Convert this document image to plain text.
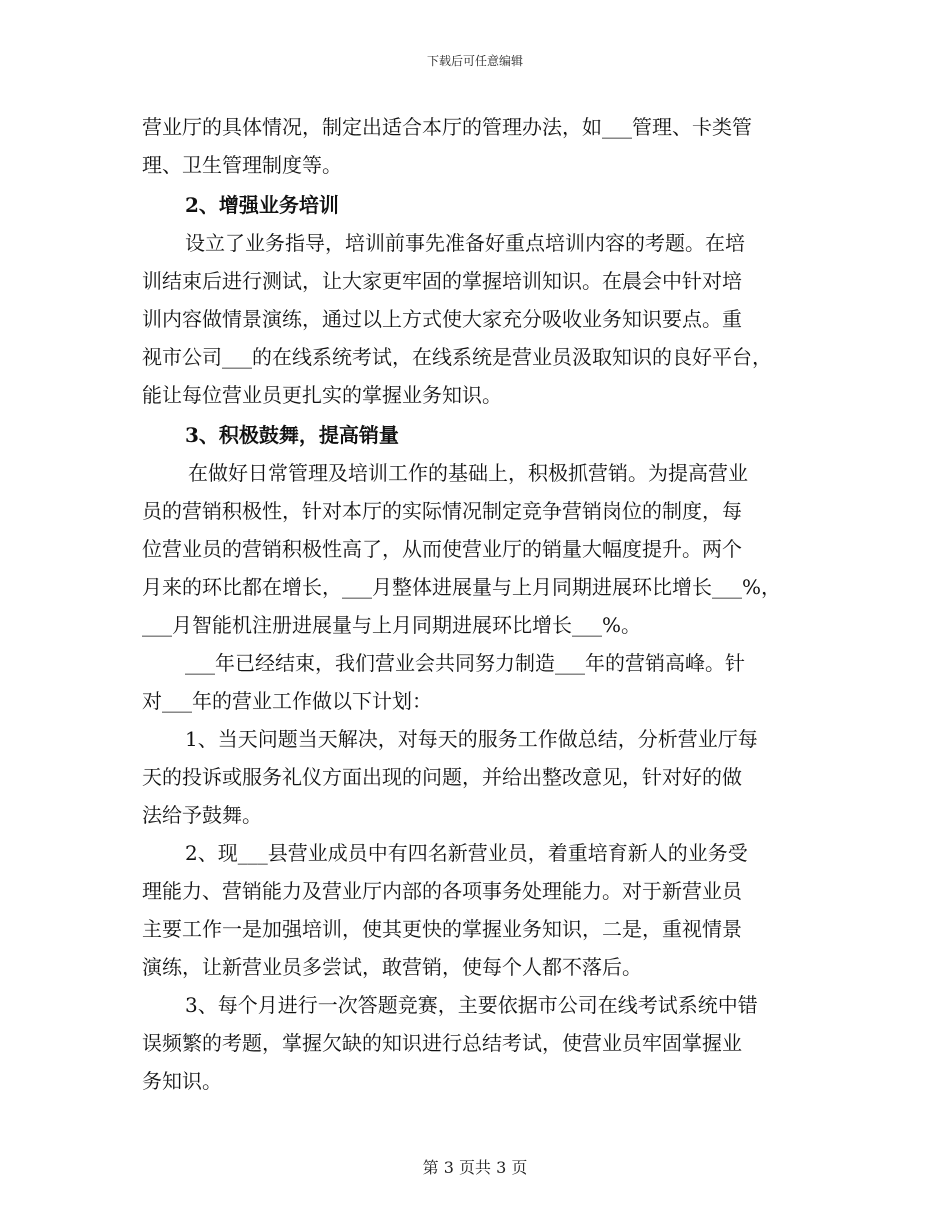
下载后可任意编辑
营业厅的具体情况，制定出适合本厅的管理办法，如___管理、卡类管
理、卫生管理制度等。
2、增强业务培训
设立了业务指导，培训前事先准备好重点培训内容的考题。在培
训结束后进行测试，让大家更牢固的掌握培训知识。在晨会中针对培
训内容做情景演练，通过以上方式使大家充分吸收业务知识要点。重
视市公司___的在线系统考试，在线系统是营业员汲取知识的良好平台，
能让每位营业员更扎实的掌握业务知识。
3、积极鼓舞，提高销量
在做好日常管理及培训工作的基础上，积极抓营销。为提高营业
员的营销积极性，针对本厅的实际情况制定竞争营销岗位的制度，每
位营业员的营销积极性高了，从而使营业厅的销量大幅度提升。两个
月来的环比都在增长，___月整体进展量与上月同期进展环比增长___%，
___月智能机注册进展量与上月同期进展环比增长___%。
___年已经结束，我们营业会共同努力制造___年的营销高峰。针
对___年的营业工作做以下计划：
1、当天问题当天解决，对每天的服务工作做总结，分析营业厅每
天的投诉或服务礼仪方面出现的问题，并给出整改意见，针对好的做
法给予鼓舞。
2、现___县营业成员中有四名新营业员，着重培育新人的业务受
理能力、营销能力及营业厅内部的各项事务处理能力。对于新营业员
主要工作一是加强培训，使其更快的掌握业务知识，二是，重视情景
演练，让新营业员多尝试，敢营销，使每个人都不落后。
3、每个月进行一次答题竞赛，主要依据市公司在线考试系统中错
误频繁的考题，掌握欠缺的知识进行总结考试，使营业员牢固掌握业
务知识。
第 3 页共 3 页
